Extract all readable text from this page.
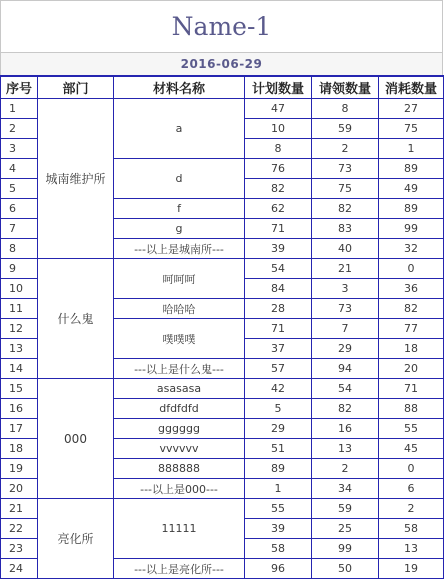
Name-1
2016-06-29
序号	部门	材料名称	计划数量	请领数量	消耗数量
1	城南维护所	a	47	8	27
2			10	59	75
3			8	2	1
4		d	76	73	89
5			82	75	49
6		f	62	82	89
7		g	71	83	99
8		---以上是城南所---	39	40	32
9	什么鬼	呵呵呵	54	21	0
10			84	3	36
11		哈哈哈	28	73	82
12		噗噗噗	71	7	77
13			37	29	18
14		---以上是什么鬼---	57	94	20
15	000	asasasa	42	54	71
16		dfdfdfd	5	82	88
17		gggggg	29	16	55
18		vvvvvv	51	13	45
19		888888	89	2	0
20		---以上是000---	1	34	6
21	亮化所	11111	55	59	2
22			39	25	58
23			58	99	13
24		---以上是亮化所---	96	50	19
